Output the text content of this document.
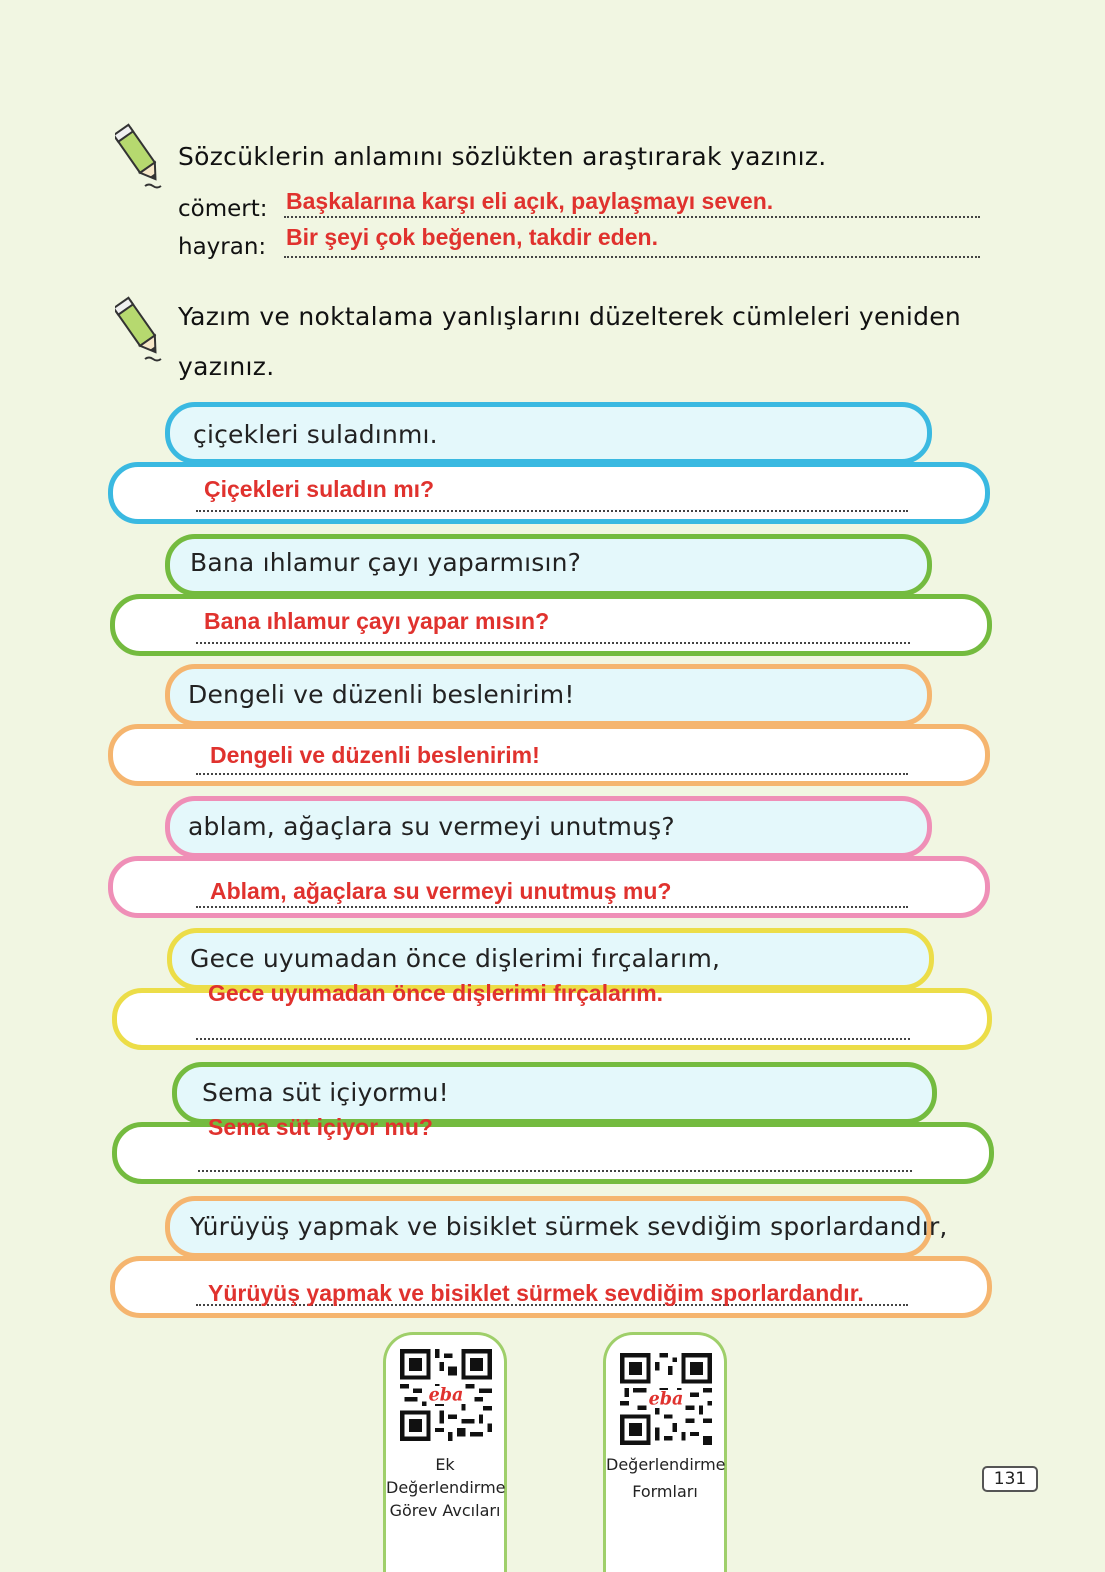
Sözcüklerin anlamını sözlükten araştırarak yazınız.
cömert: Başkalarına karşı eli açık, paylaşmayı seven.
hayran: Bir şeyi çok beğenen, takdir eden.
Yazım ve noktalama yanlışlarını düzelterek cümleleri yeniden
yazınız.
çiçekleri suladınmı.
Çiçekleri suladın mı?
Bana ıhlamur çayı yaparmısın?
Bana ıhlamur çayı yapar mısın?
Dengeli ve düzenli beslenirim!
Dengeli ve düzenli beslenirim!
ablam, ağaçlara su vermeyi unutmuş?
Ablam, ağaçlara su vermeyi unutmuş mu?
Gece uyumadan önce dişlerimi fırçalarım,
Gece uyumadan önce dişlerimi fırçalarım.
Sema süt içiyormu!
Sema süt içiyor mu?
Yürüyüş yapmak ve bisiklet sürmek sevdiğim sporlardandır,
Yürüyüş yapmak ve bisiklet sürmek sevdiğim sporlardandır.
eba
Ek
Değerlendirme
Görev Avcıları
eba
Değerlendirme
Formları
131
